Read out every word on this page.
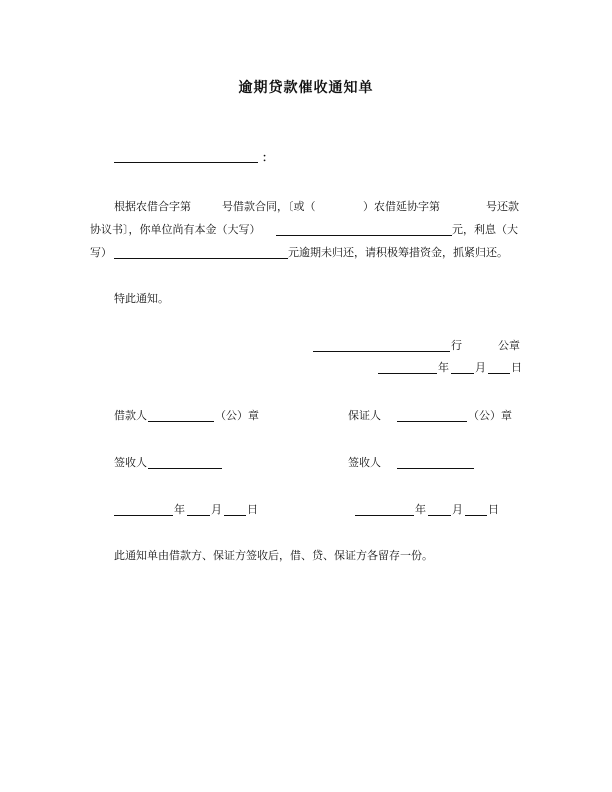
逾期贷款催收通知单
：
根据农借合字第	号借款合同，〔或（	）农借延协字第	号还款
协议书〕，你单位尚有本金（大写）	元，利息（大
写）	元逾期未归还，请积极筹措资金，抓紧归还。
特此通知。
行	公章
年 月 日
借款人	（公）章	保证人	（公）章
签收人	签收人
年 月 日	年 月 日
此通知单由借款方、保证方签收后，借、贷、保证方各留存一份。
